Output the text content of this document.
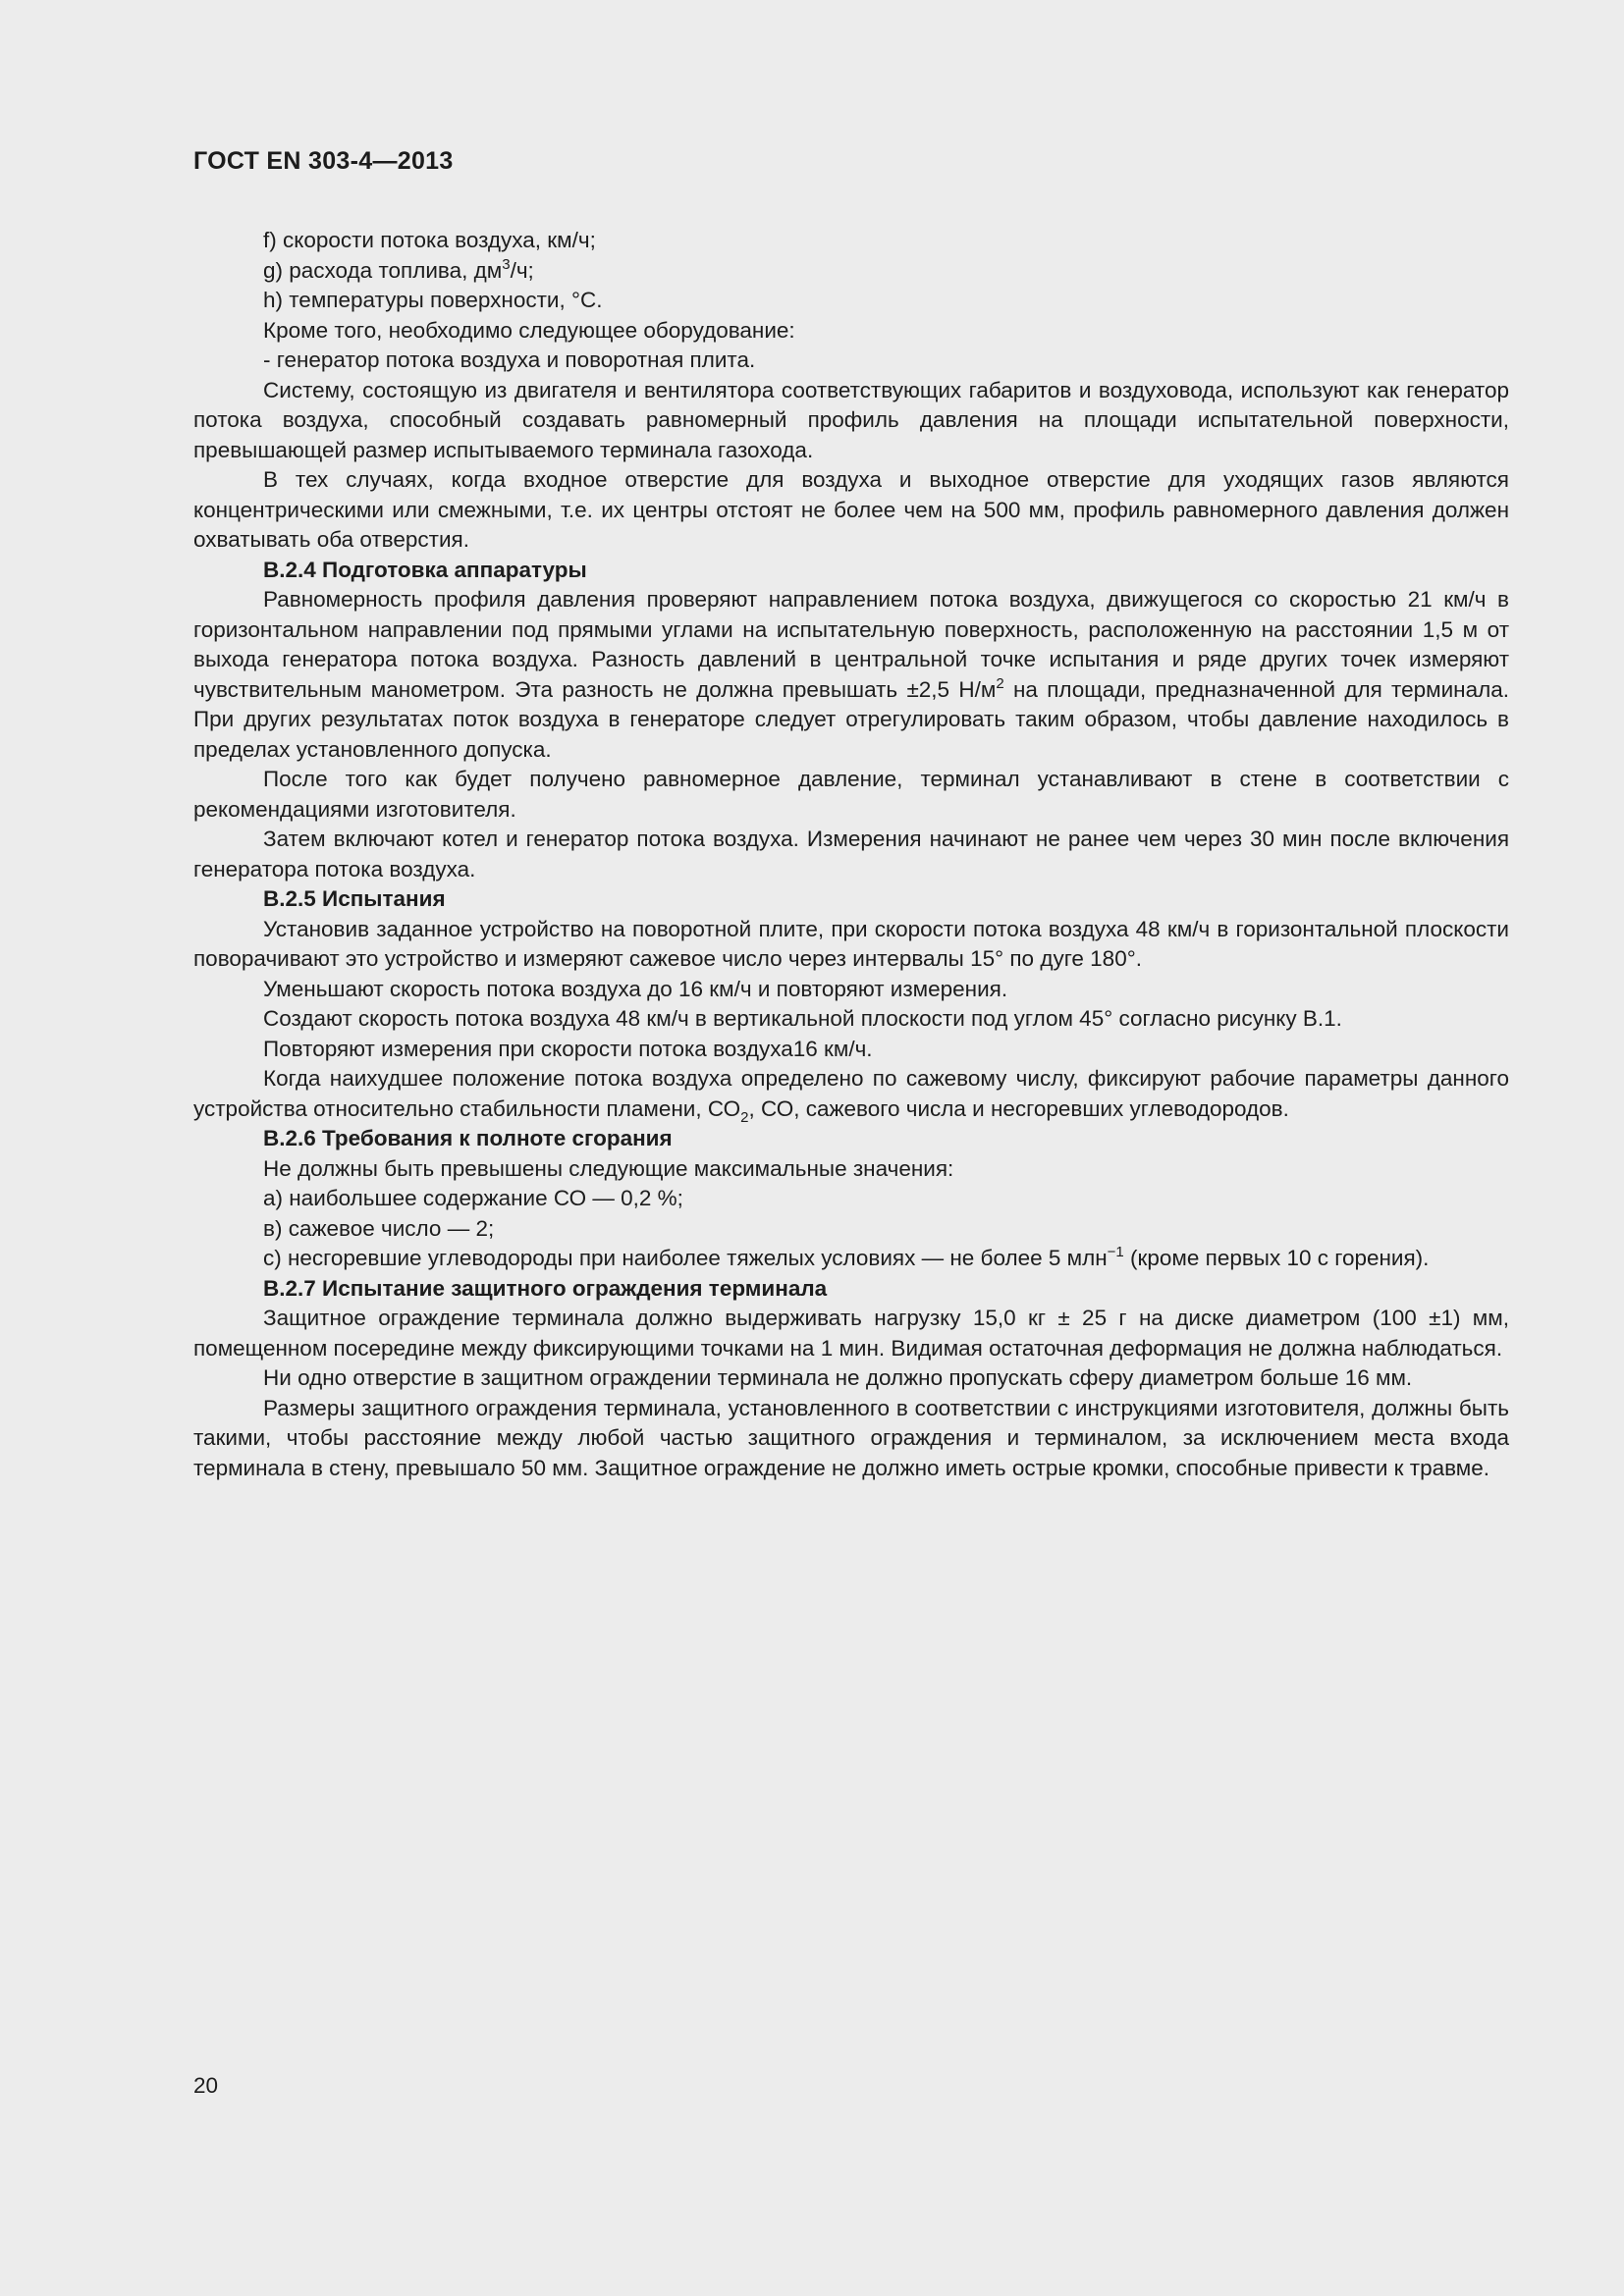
ГОСТ EN 303-4—2013

f) скорости потока воздуха, км/ч;

g) расхода топлива, $дм^3/ч$;

h) температуры поверхности, °С.

Кроме того, необходимо следующее оборудование:

- генератор потока воздуха и поворотная плита.

Систему, состоящую из двигателя и вентилятора соответствующих габаритов и воздуховода, используют как генератор потока воздуха, способный создавать равномерный профиль давления на площади испытательной поверхности, превышающей размер испытываемого терминала газохода.

В тех случаях, когда входное отверстие для воздуха и выходное отверстие для уходящих газов являются концентрическими или смежными, т.е. их центры отстоят не более чем на 500 мм, профиль равномерного давления должен охватывать оба отверстия.

В.2.4 Подготовка аппаратуры

Равномерность профиля давления проверяют направлением потока воздуха, движущегося со скоростью 21 км/ч в горизонтальном направлении под прямыми углами на испытательную поверхность, расположенную на расстоянии 1,5 м от выхода генератора потока воздуха. Разность давлений в центральной точке испытания и ряде других точек измеряют чувствительным манометром. Эта разность не должна превышать ±2,5 $Н/м^2$ на площади, предназначенной для терминала. При других результатах поток воздуха в генераторе следует отрегулировать таким образом, чтобы давление находилось в пределах установленного допуска.

После того как будет получено равномерное давление, терминал устанавливают в стене в соответствии с рекомендациями изготовителя.

Затем включают котел и генератор потока воздуха. Измерения начинают не ранее чем через 30 мин после включения генератора потока воздуха.

В.2.5 Испытания

Установив заданное устройство на поворотной плите, при скорости потока воздуха 48 км/ч в горизонтальной плоскости поворачивают это устройство и измеряют сажевое число через интервалы 15° по дуге 180°.

Уменьшают скорость потока воздуха до 16 км/ч и повторяют измерения.

Создают скорость потока воздуха 48 км/ч в вертикальной плоскости под углом 45° согласно рисунку В.1.

Повторяют измерения при скорости потока воздуха16 км/ч.

Когда наихудшее положение потока воздуха определено по сажевому числу, фиксируют рабочие параметры данного устройства относительно стабильности пламени, $СО_2$, СО, сажевого числа и несгоревших углеводородов.

В.2.6 Требования к полноте сгорания

Не должны быть превышены следующие максимальные значения:

а) наибольшее содержание СО — 0,2 %;

в) сажевое число — 2;

с) несгоревшие углеводороды при наиболее тяжелых условиях — не более 5 млн$^{-1}$ (кроме первых 10 с горения).

В.2.7 Испытание защитного ограждения терминала

Защитное ограждение терминала должно выдерживать нагрузку 15,0 кг ± 25 г на диске диаметром (100 ±1) мм, помещенном посередине между фиксирующими точками на 1 мин. Видимая остаточная деформация не должна наблюдаться.

Ни одно отверстие в защитном ограждении терминала не должно пропускать сферу диаметром больше 16 мм.

Размеры защитного ограждения терминала, установленного в соответствии с инструкциями изготовителя, должны быть такими, чтобы расстояние между любой частью защитного ограждения и терминалом, за исключением места входа терминала в стену, превышало 50 мм. Защитное ограждение не должно иметь острые кромки, способные привести к травме.

20
